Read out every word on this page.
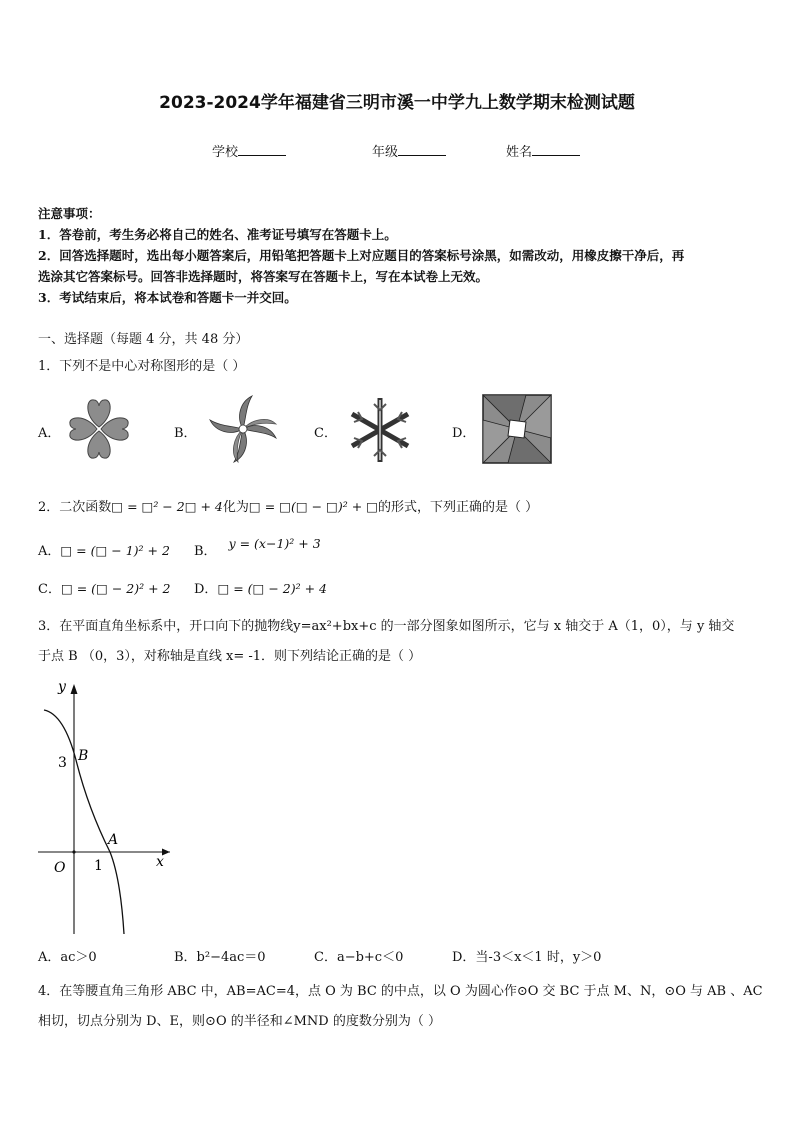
2023-2024学年福建省三明市溪一中学九上数学期末检测试题
学校	年级	姓名
注意事项：
1．答卷前，考生务必将自己的姓名、准考证号填写在答题卡上。
2．回答选择题时，选出每小题答案后，用铅笔把答题卡上对应题目的答案标号涂黑，如需改动，用橡皮擦干净后，再
选涂其它答案标号。回答非选择题时，将答案写在答题卡上，写在本试卷上无效。
3．考试结束后，将本试卷和答题卡一并交回。
一、选择题（每题 4 分，共 48 分）
1．下列不是中心对称图形的是（ ）
A．	B．	C．	D．
2．二次函数□ = □² − 2□ + 4化为□ = □(□ − □)² + □的形式，下列正确的是（ ）
A．□ = (□ − 1)² + 2 B．y = (x−1)² + 3
C．□ = (□ − 2)² + 2 D．□ = (□ − 2)² + 4
3．在平面直角坐标系中，开口向下的抛物线y=ax²+bx+c 的一部分图象如图所示，它与 x 轴交于 A（1，0），与 y 轴交
于点 B （0，3），对称轴是直线 x= -1．则下列结论正确的是（ ）
y
x
O
3
1
A
B
A．ac＞0	B．b²−4ac＝0	C．a−b+c＜0	D．当-3＜x＜1 时，y＞0
4．在等腰直角三角形 ABC 中，AB=AC=4，点 O 为 BC 的中点，以 O 为圆心作⊙O 交 BC 于点 M、N，⊙O 与 AB 、AC
相切，切点分别为 D、E，则⊙O 的半径和∠MND 的度数分别为（ ）
